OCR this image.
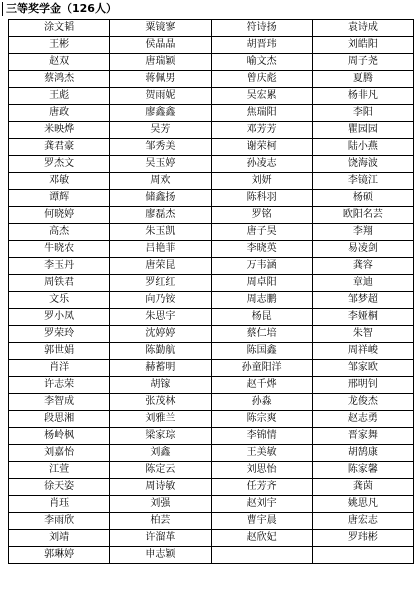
三等奖学金（126人）
涂文韬	粟镜寥	符诗扬	袁诗成
王彬	侯晶晶	胡晋玮	刘皓阳
赵双	唐瑞颖	喻文杰	周子尧
蔡鸿杰	蒋佩男	曾庆彪	夏腾
王彪	贺雨妮	吴宏累	杨非凡
唐政	廖鑫鑫	焦瑞阳	李阳
米映烨	吴芳	邓芳芳	瞿园园
龚君豪	邹秀美	谢荣柯	陆小燕
罗杰文	吴玉婷	孙凌志	饶海波
邓敏	周欢	刘妍	李镜江
谭辉	储鑫扬	陈科羽	杨硕
何晓婷	廖磊杰	罗铭	欧阳名芸
高杰	朱玉凯	唐子昊	李翔
牛晓农	吕艳菲	李晓英	易凌剑
李玉丹	唐荣昆	万韦涵	龚容
周铁君	罗红红	周卓阳	章迪
文乐	向乃铵	周志鹏	邹梦超
罗小凤	朱思宇	杨昆	李娅桐
罗荣玲	沈婷婷	蔡仁培	朱智
郭世娟	陈勤航	陈国鑫	周祥峻
肖洋	赫蓄明	孙童阳洋	邹家欧
许志荣	胡镓	赵千烨	邢明钊
李智成	张茂林	孙淼	龙俊杰
段思湘	刘雅兰	陈宗爽	赵志勇
杨岭枫	梁家琮	李锦情	晋家舞
刘嘉怡	刘鑫	王美敏	胡鹄康
江萱	陈定云	刘思怡	陈家馨
徐天姿	周诗敏	任芳齐	龚茵
肖珏	刘强	赵刘宇	姚思凡
李雨欣	柏芸	曹宇晨	唐宏志
刘靖	许溜革	赵欣妃	罗玮彬
郭琳婷	申志颖		
